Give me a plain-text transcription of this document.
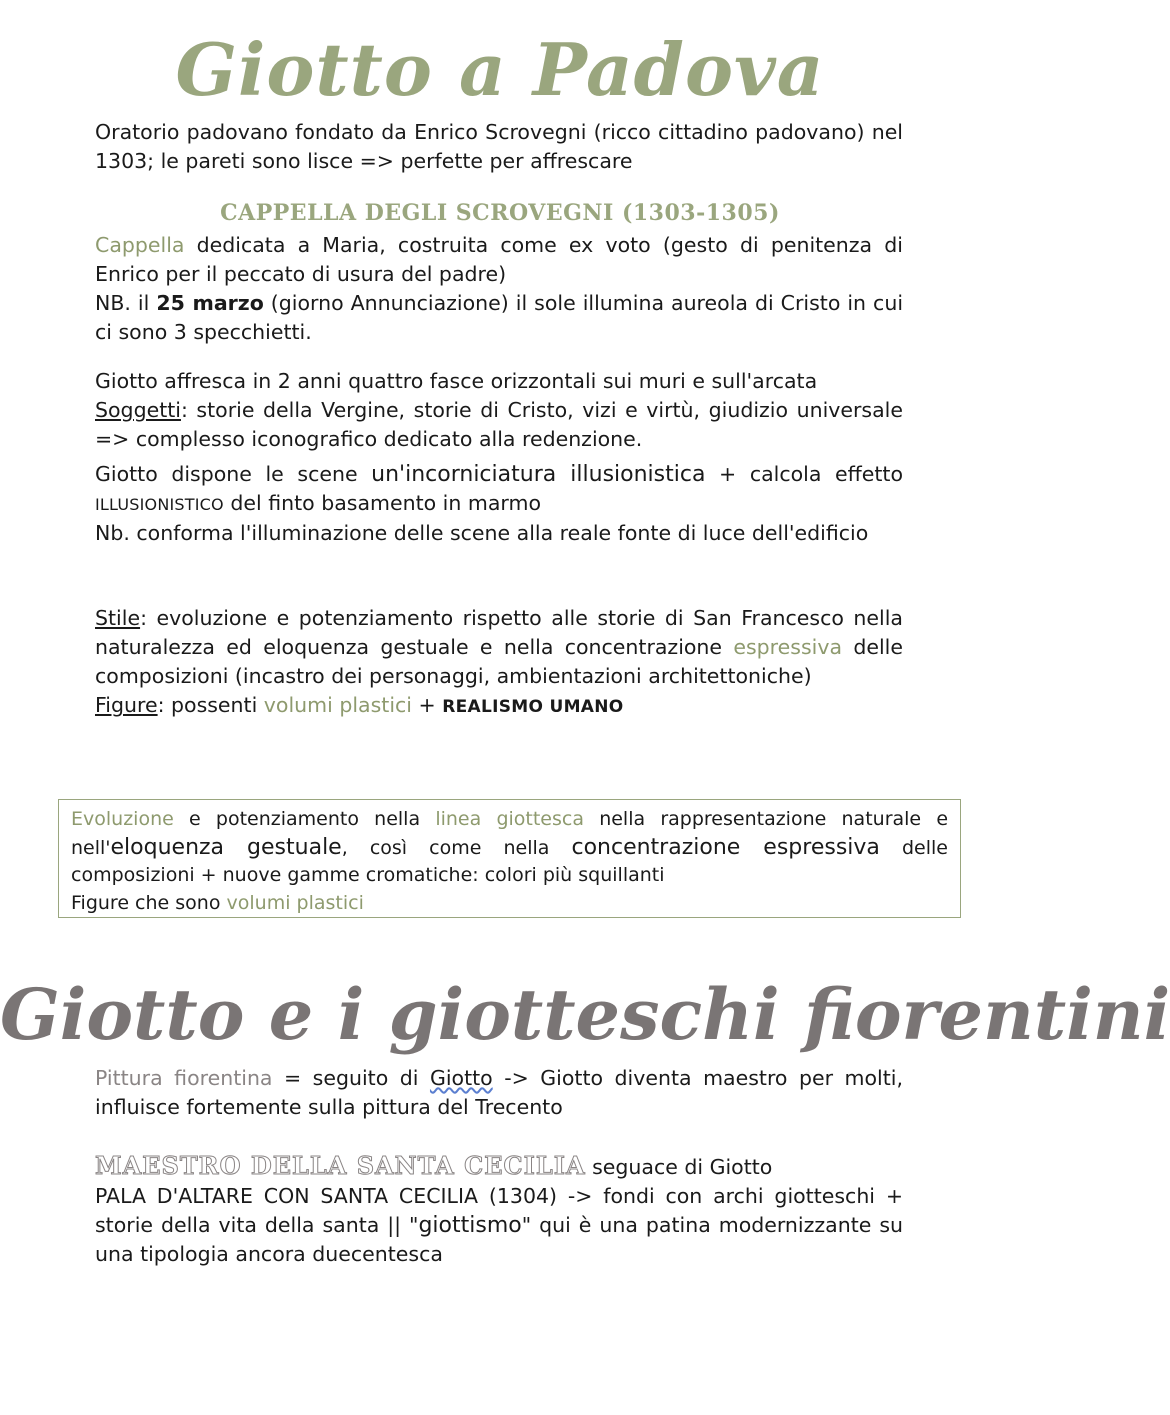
Giotto a Padova

Oratorio padovano fondato da Enrico Scrovegni (ricco cittadino padovano) nel 1303; le pareti sono lisce => perfette per affrescare

CAPPELLA DEGLI SCROVEGNI (1303-1305)

Cappella dedicata a Maria, costruita come ex voto (gesto di penitenza di Enrico per il peccato di usura del padre)

NB. il 25 marzo (giorno Annunciazione) il sole illumina aureola di Cristo in cui ci sono 3 specchietti.

Giotto affresca in 2 anni quattro fasce orizzontali sui muri e sull'arcata

Soggetti: storie della Vergine, storie di Cristo, vizi e virtù, giudizio universale => complesso iconografico dedicato alla redenzione.

Giotto dispone le scene un'incorniciatura illusionistica + calcola effetto ILLUSIONISTICO del finto basamento in marmo

Nb. conforma l'illuminazione delle scene alla reale fonte di luce dell'edificio

Stile: evoluzione e potenziamento rispetto alle storie di San Francesco nella naturalezza ed eloquenza gestuale e nella concentrazione espressiva delle composizioni (incastro dei personaggi, ambientazioni architettoniche)

Figure: possenti volumi plastici + REALISMO UMANO

Evoluzione e potenziamento nella linea giottesca nella rappresentazione naturale e nell'eloquenza gestuale, così come nella concentrazione espressiva delle composizioni + nuove gamme cromatiche: colori più squillanti

Figure che sono volumi plastici

Giotto e i giotteschi fiorentini

Pittura fiorentina = seguito di Giotto -> Giotto diventa maestro per molti, influisce fortemente sulla pittura del Trecento

MAESTRO DELLA SANTA CECILIA seguace di Giotto

PALA D'ALTARE CON SANTA CECILIA (1304) -> fondi con archi giotteschi + storie della vita della santa || "giottismo" qui è una patina modernizzante su una tipologia ancora duecentesca
